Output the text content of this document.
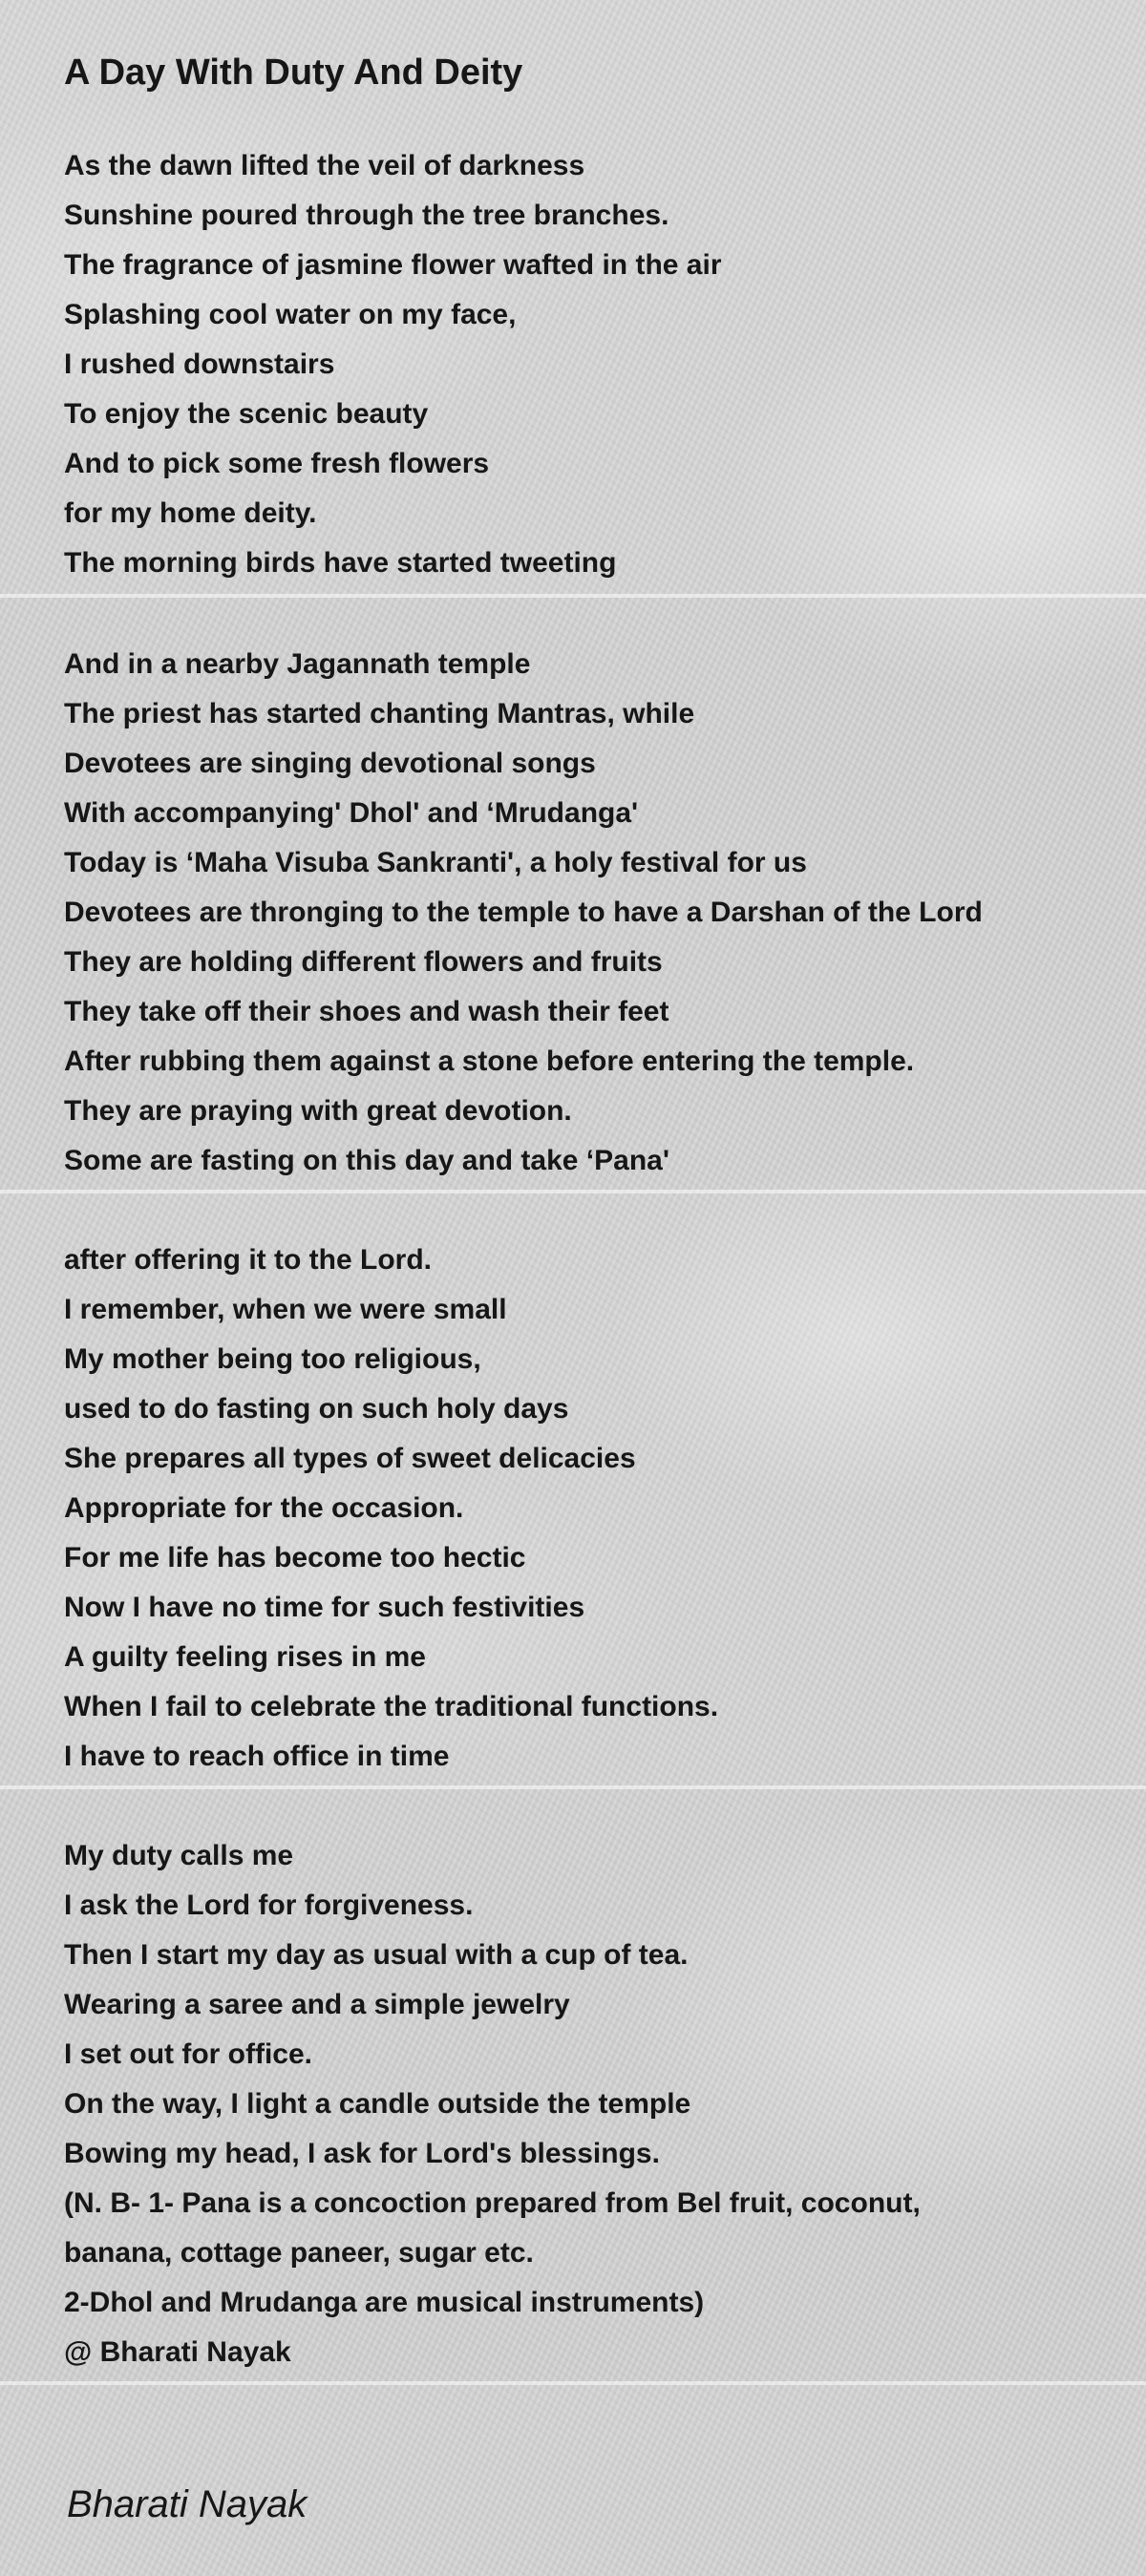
A Day With Duty And Deity
As the dawn lifted the veil of darkness
Sunshine poured through the tree branches.
The fragrance of jasmine flower wafted in the air
Splashing cool water on my face,
I rushed downstairs
To enjoy the scenic beauty
And to pick some fresh flowers
for my home deity.
The morning birds have started tweeting
And in a nearby Jagannath temple
The priest has started chanting Mantras, while
Devotees are singing devotional songs
With accompanying' Dhol' and ‘Mrudanga'
Today is ‘Maha Visuba Sankranti', a holy festival for us
Devotees are thronging to the temple to have a Darshan of the Lord
They are holding different flowers and fruits
They take off their shoes and wash their feet
After rubbing them against a stone before entering the temple.
They are praying with great devotion.
Some are fasting on this day and take ‘Pana'
after offering it to the Lord.
I remember, when we were small
My mother being too religious,
used to do fasting on such holy days
She prepares all types of sweet delicacies
Appropriate for the occasion.
For me life has become too hectic
Now I have no time for such festivities
A guilty feeling rises in me
When I fail to celebrate the traditional functions.
I have to reach office in time
My duty calls me
I ask the Lord for forgiveness.
Then I start my day as usual with a cup of tea.
Wearing a saree and a simple jewelry
I set out for office.
On the way, I light a candle outside the temple
Bowing my head, I ask for Lord's blessings.
(N. B- 1- Pana is a concoction prepared from Bel fruit, coconut,
banana, cottage paneer, sugar etc.
2-Dhol and Mrudanga are musical instruments)
@ Bharati Nayak
Bharati Nayak
